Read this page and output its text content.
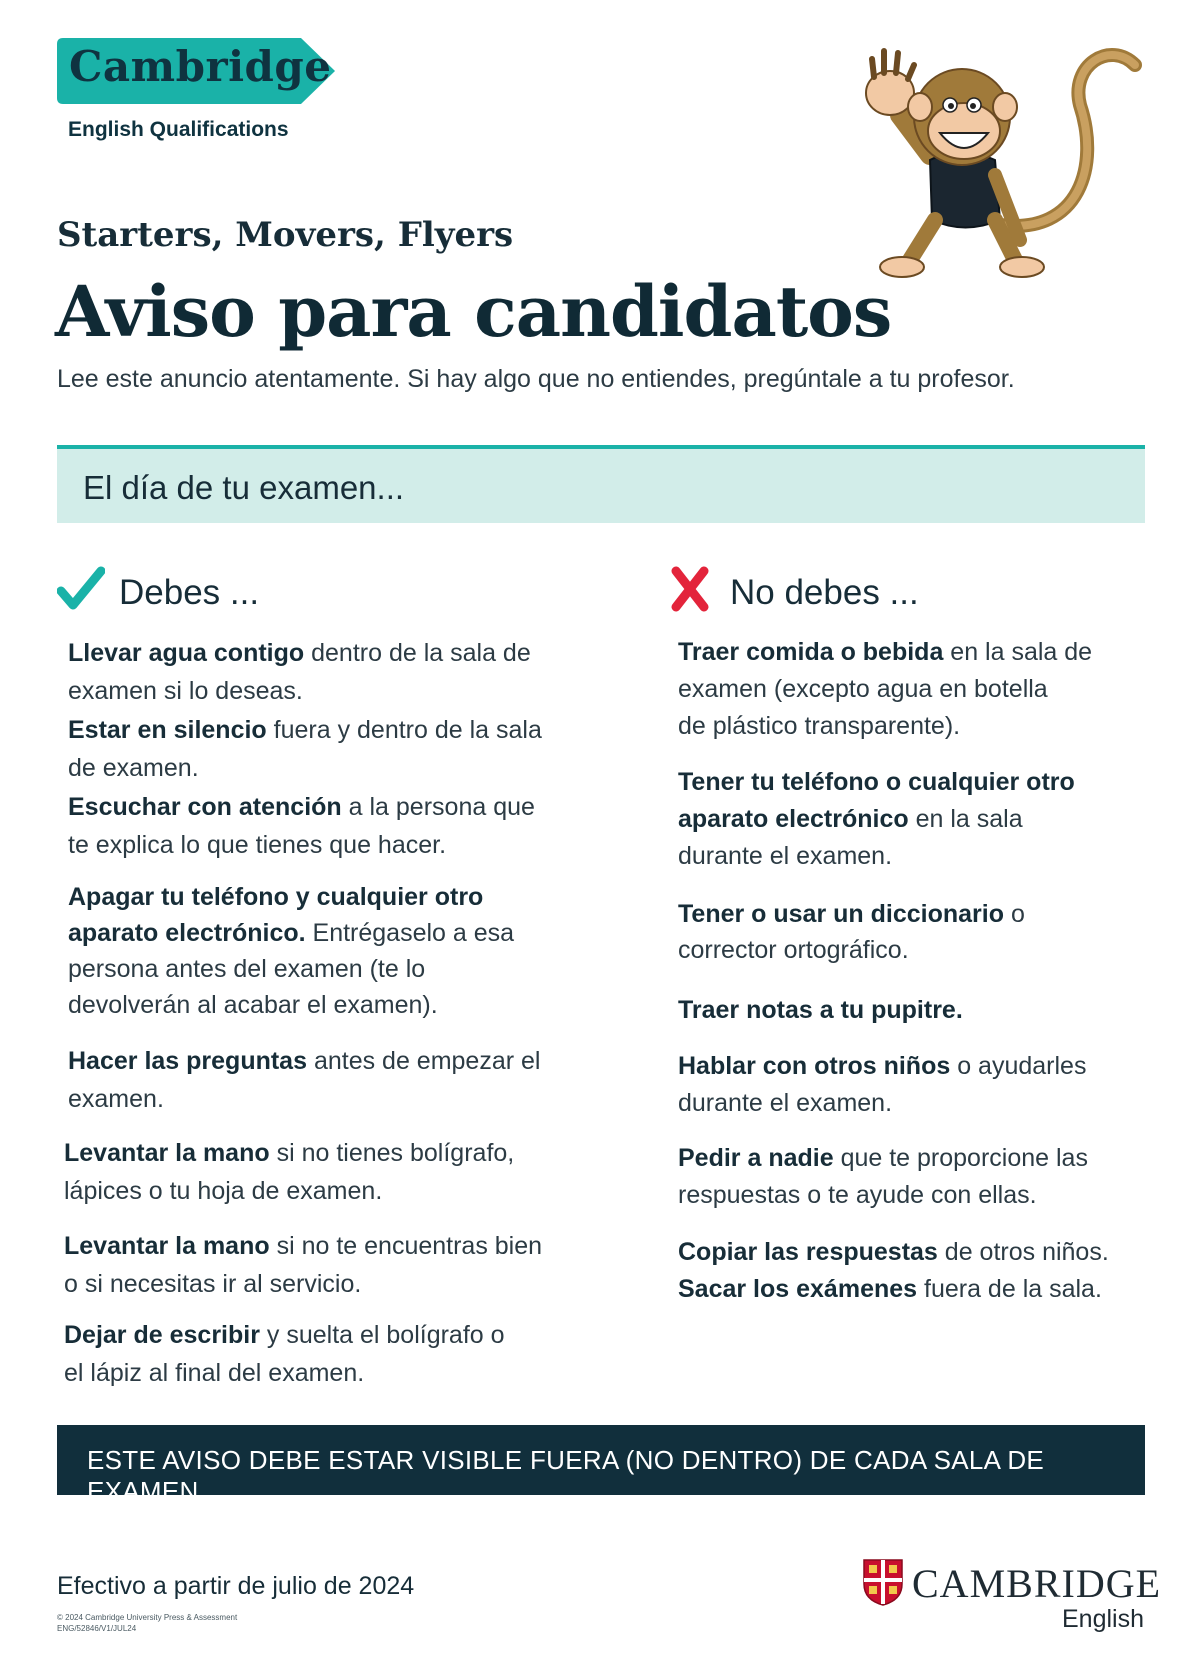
Cambridge
English Qualifications
Starters, Movers, Flyers
Aviso para candidatos
Lee este anuncio atentamente. Si hay algo que no entiendes, pregúntale a tu profesor.
El día de tu examen...
Debes ...	No debes ...
Llevar agua contigo dentro de la sala de
examen si lo deseas.
Estar en silencio fuera y dentro de la sala
de examen.
Escuchar con atención a la persona que
te explica lo que tienes que hacer.
Apagar tu teléfono y cualquier otro
aparato electrónico. Entrégaselo a esa
persona antes del examen (te lo
devolverán al acabar el examen).
Hacer las preguntas antes de empezar el
examen.
Levantar la mano si no tienes bolígrafo,
lápices o tu hoja de examen.
Levantar la mano si no te encuentras bien
o si necesitas ir al servicio.
Dejar de escribir y suelta el bolígrafo o
el lápiz al final del examen.
Traer comida o bebida en la sala de
examen (excepto agua en botella
de plástico transparente).
Tener tu teléfono o cualquier otro
aparato electrónico en la sala
durante el examen.
Tener o usar un diccionario o
corrector ortográfico.
Traer notas a tu pupitre.
Hablar con otros niños o ayudarles
durante el examen.
Pedir a nadie que te proporcione las
respuestas o te ayude con ellas.
Copiar las respuestas de otros niños.
Sacar los exámenes fuera de la sala.
ESTE AVISO DEBE ESTAR VISIBLE FUERA (NO DENTRO) DE CADA SALA DE EXAMEN
Efectivo a partir de julio de 2024
© 2024 Cambridge University Press & Assessment
ENG/52846/V1/JUL24
CAMBRIDGE
English
